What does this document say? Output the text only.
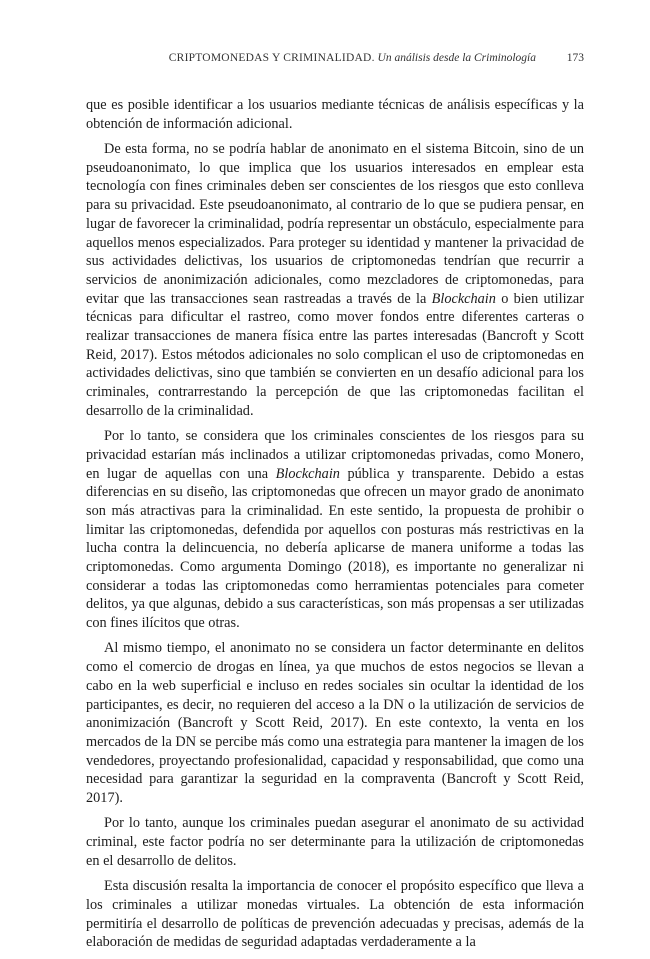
CRIPTOMONEDAS Y CRIMINALIDAD. Un análisis desde la Criminología	173

que es posible identificar a los usuarios mediante técnicas de análisis específicas y la obtención de información adicional.

De esta forma, no se podría hablar de anonimato en el sistema Bitcoin, sino de un pseudoanonimato, lo que implica que los usuarios interesados en emplear esta tecnología con fines criminales deben ser conscientes de los riesgos que esto conlleva para su privacidad. Este pseudoanonimato, al contrario de lo que se pudiera pensar, en lugar de favorecer la criminalidad, podría representar un obstáculo, especialmente para aquellos menos especializados. Para proteger su identidad y mantener la privacidad de sus actividades delictivas, los usuarios de criptomonedas tendrían que recurrir a servicios de anonimización adicionales, como mezcladores de criptomonedas, para evitar que las transacciones sean rastreadas a través de la Blockchain o bien utilizar técnicas para dificultar el rastreo, como mover fondos entre diferentes carteras o realizar transacciones de manera física entre las partes interesadas (Bancroft y Scott Reid, 2017). Estos métodos adicionales no solo complican el uso de criptomonedas en actividades delictivas, sino que también se convierten en un desafío adicional para los criminales, contrarrestando la percepción de que las criptomonedas facilitan el desarrollo de la criminalidad.

Por lo tanto, se considera que los criminales conscientes de los riesgos para su privacidad estarían más inclinados a utilizar criptomonedas privadas, como Monero, en lugar de aquellas con una Blockchain pública y transparente. Debido a estas diferencias en su diseño, las criptomonedas que ofrecen un mayor grado de anonimato son más atractivas para la criminalidad. En este sentido, la propuesta de prohibir o limitar las criptomonedas, defendida por aquellos con posturas más restrictivas en la lucha contra la delincuencia, no debería aplicarse de manera uniforme a todas las criptomonedas. Como argumenta Domingo (2018), es importante no generalizar ni considerar a todas las criptomonedas como herramientas potenciales para cometer delitos, ya que algunas, debido a sus características, son más propensas a ser utilizadas con fines ilícitos que otras.

Al mismo tiempo, el anonimato no se considera un factor determinante en delitos como el comercio de drogas en línea, ya que muchos de estos negocios se llevan a cabo en la web superficial e incluso en redes sociales sin ocultar la identidad de los participantes, es decir, no requieren del acceso a la DN o la utilización de servicios de anonimización (Bancroft y Scott Reid, 2017). En este contexto, la venta en los mercados de la DN se percibe más como una estrategia para mantener la imagen de los vendedores, proyectando profesionalidad, capacidad y responsabilidad, que como una necesidad para garantizar la seguridad en la compraventa (Bancroft y Scott Reid, 2017).

Por lo tanto, aunque los criminales puedan asegurar el anonimato de su actividad criminal, este factor podría no ser determinante para la utilización de criptomonedas en el desarrollo de delitos.

Esta discusión resalta la importancia de conocer el propósito específico que lleva a los criminales a utilizar monedas virtuales. La obtención de esta información permitiría el desarrollo de políticas de prevención adecuadas y precisas, además de la elaboración de medidas de seguridad adaptadas verdaderamente a la
